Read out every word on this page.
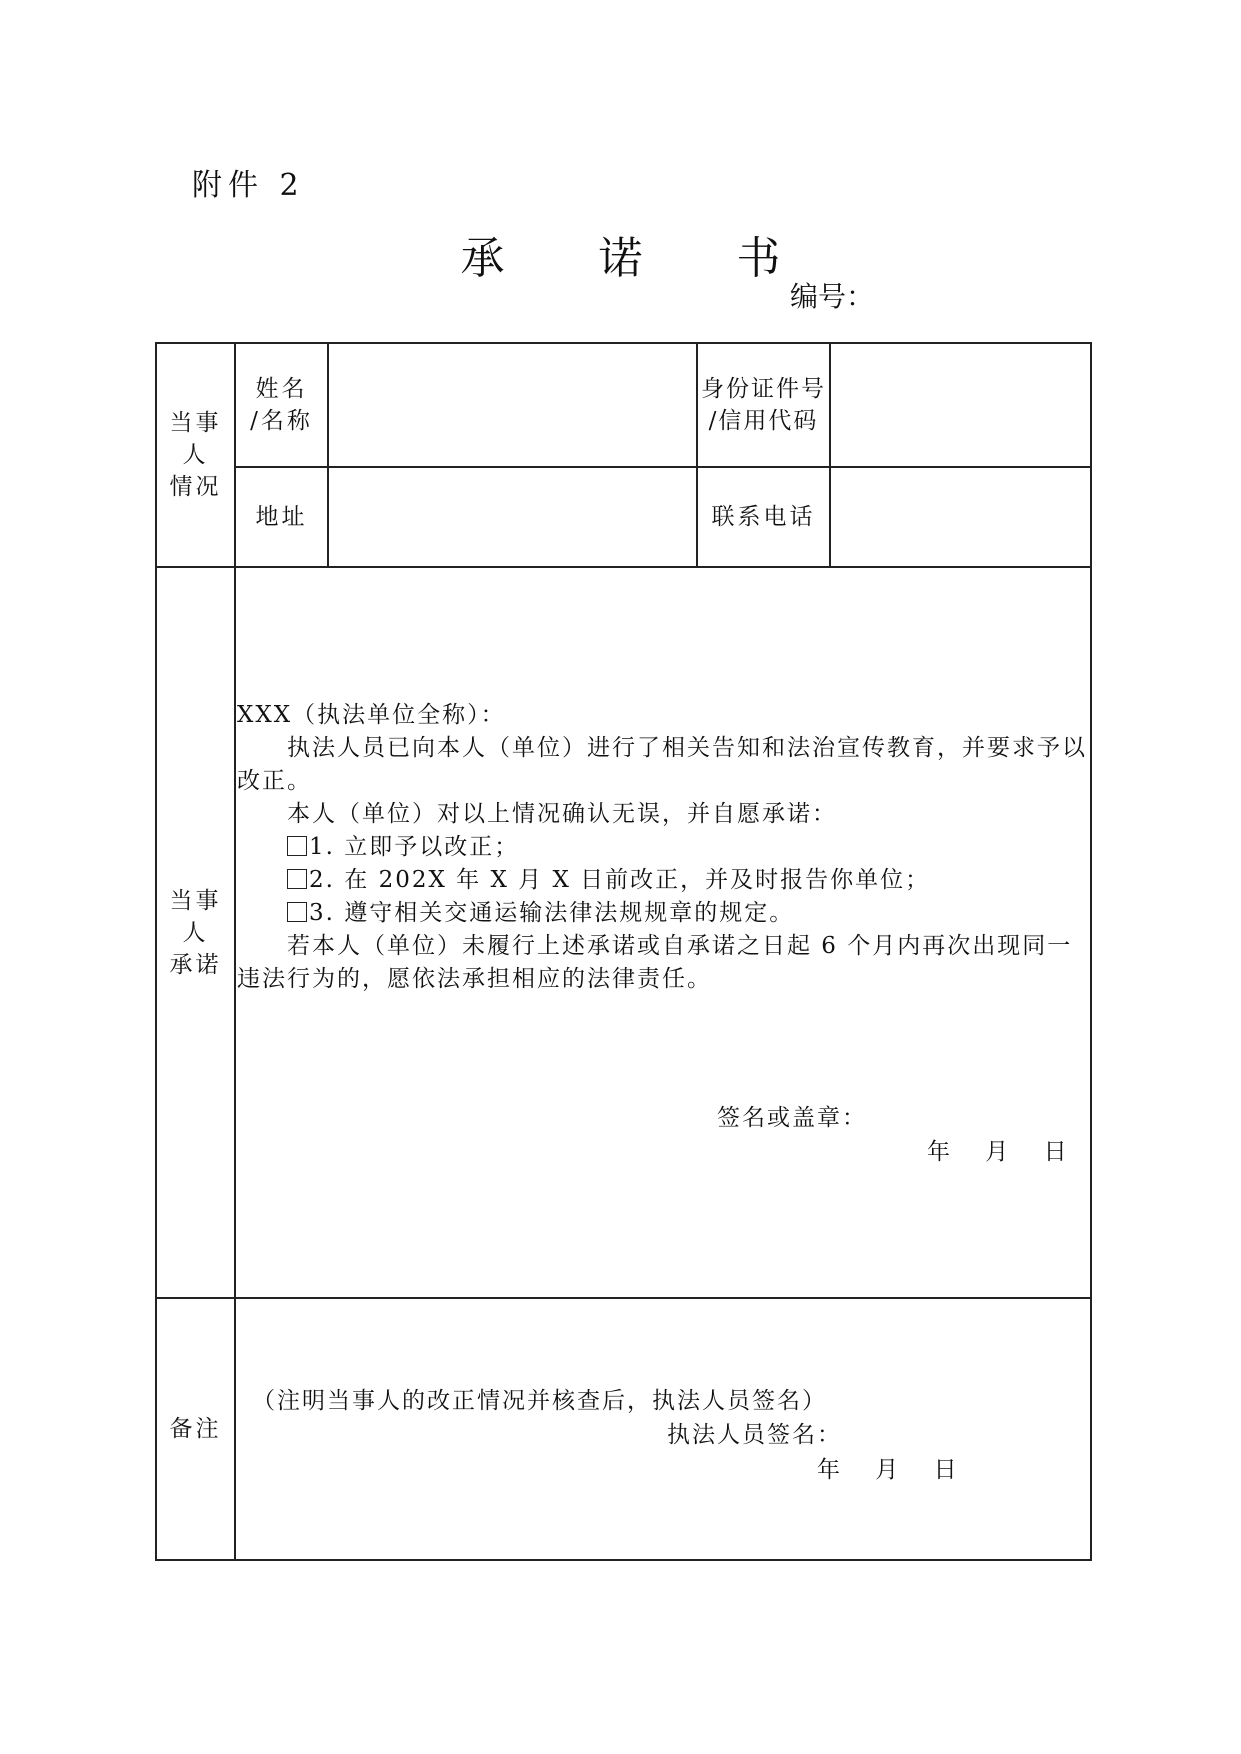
附件 2
承 诺 书
编号：
当事人
情况
姓名
/名称
身份证件号
/信用代码
地址	联系电话
当事人
承诺

XXX（执法单位全称）：

执法人员已向本人（单位）进行了相关告知和法治宣传教育，并要求予以改正。

本人（单位）对以上情况确认无误，并自愿承诺：

1. 立即予以改正；

2. 在 202X 年 X 月 X 日前改正，并及时报告你单位；

3. 遵守相关交通运输法律法规规章的规定。

若本人（单位）未履行上述承诺或自承诺之日起 6 个月内再次出现同一违法行为的，愿依法承担相应的法律责任。

签名或盖章：
年 月 日
备注
（注明当事人的改正情况并核查后，执法人员签名）
执法人员签名：
年 月 日
